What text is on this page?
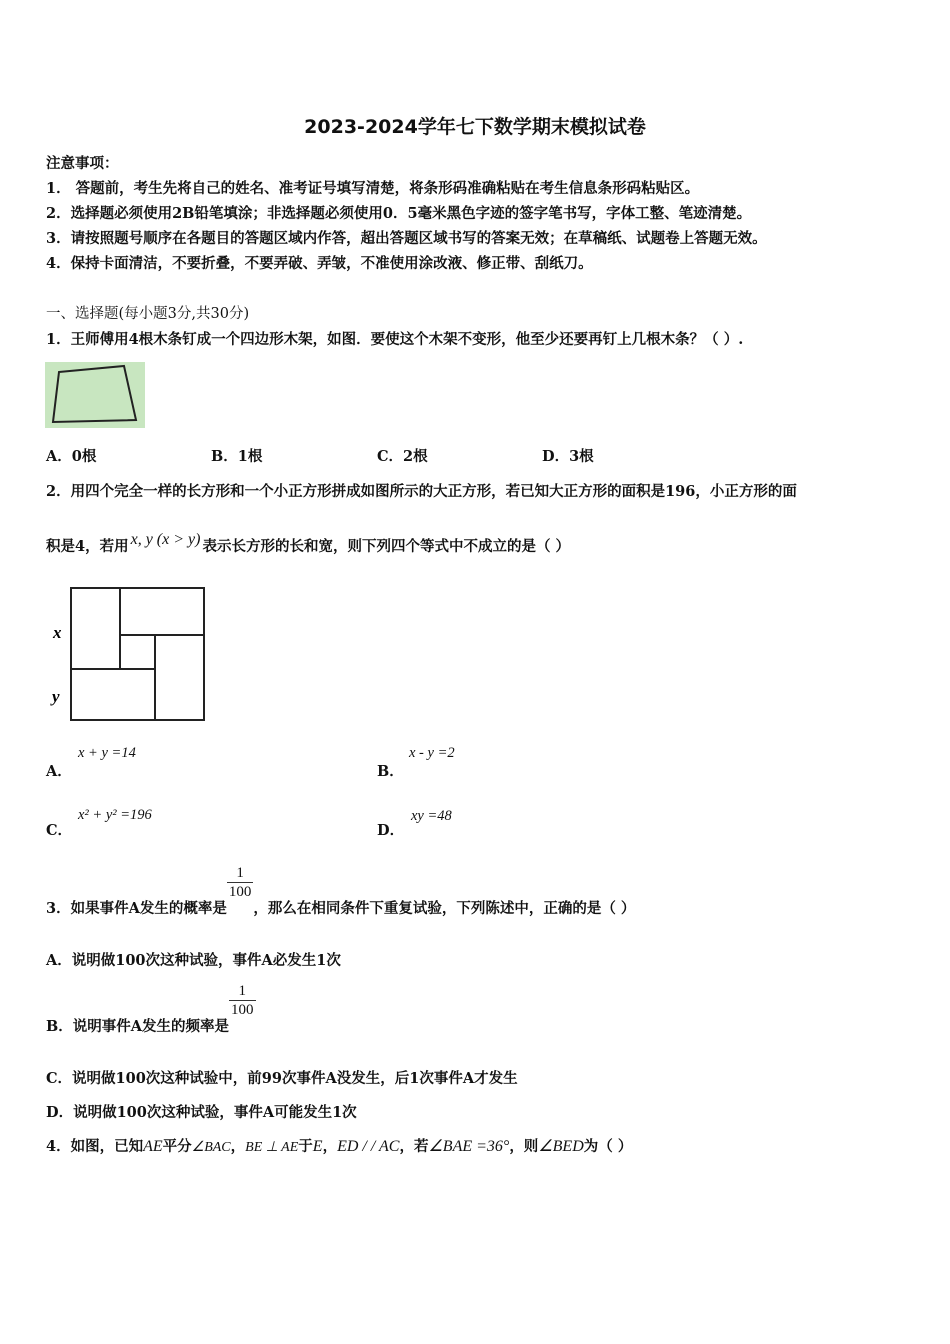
2023-2024学年七下数学期末模拟试卷
注意事项：
1． 答题前，考生先将自己的姓名、准考证号填写清楚，将条形码准确粘贴在考生信息条形码粘贴区。
2．选择题必须使用2B铅笔填涂；非选择题必须使用0．5毫米黑色字迹的签字笔书写，字体工整、笔迹清楚。
3．请按照题号顺序在各题目的答题区域内作答，超出答题区域书写的答案无效；在草稿纸、试题卷上答题无效。
4．保持卡面清洁，不要折叠，不要弄破、弄皱，不准使用涂改液、修正带、刮纸刀。
一、选择题(每小题3分,共30分)
1．王师傅用4根木条钉成一个四边形木架，如图．要使这个木架不变形，他至少还要再钉上几根木条？（ ）.
A．0根	B．1根	C．2根	D．3根
2．用四个完全一样的长方形和一个小正方形拼成如图所示的大正方形，若已知大正方形的面积是196，小正方形的面
积是4，若用 x, y (x > y) 表示长方形的长和宽，则下列四个等式中不成立的是（ ）
x
y
A．
x + y =14
B．
x - y =2
C．
x² + y² =196
D．
xy =48
3．如果事件A发生的概率是
$\frac{1}{100}$
，那么在相同条件下重复试验，下列陈述中，正确的是（ ）
A．说明做100次这种试验，事件A必发生1次
B．说明事件A发生的频率是
$\frac{1}{100}$
C．说明做100次这种试验中，前99次事件A没发生，后1次事件A才发生
D．说明做100次这种试验，事件A可能发生1次
4．如图，已知AE平分∠BAC，BE ⊥ AE于E，ED / / AC，若∠BAE =36°，则∠BED为（ ）
